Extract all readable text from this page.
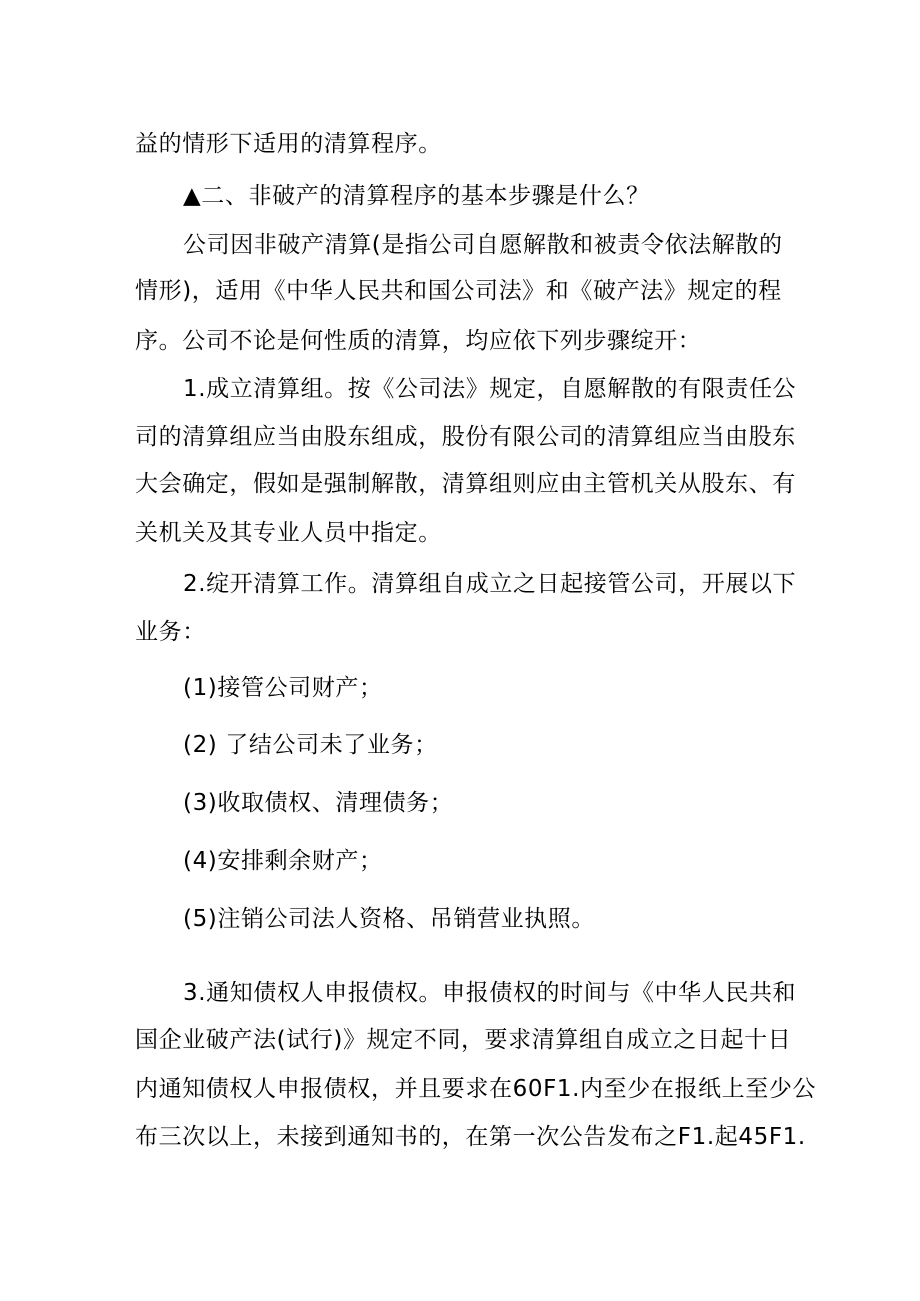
益的情形下适用的清算程序。
▲二、非破产的清算程序的基本步骤是什么？
公司因非破产清算(是指公司自愿解散和被责令依法解散的
情形)，适用《中华人民共和国公司法》和《破产法》规定的程
序。公司不论是何性质的清算，均应依下列步骤绽开：
1.成立清算组。按《公司法》规定，自愿解散的有限责任公
司的清算组应当由股东组成，股份有限公司的清算组应当由股东
大会确定，假如是强制解散，清算组则应由主管机关从股东、有
关机关及其专业人员中指定。
2.绽开清算工作。清算组自成立之日起接管公司，开展以下
业务：
(1)接管公司财产；
(2) 了结公司未了业务；
(3)收取债权、清理债务；
(4)安排剩余财产；
(5)注销公司法人资格、吊销营业执照。
3.通知债权人申报债权。申报债权的时间与《中华人民共和
国企业破产法(试行)》规定不同，要求清算组自成立之日起十日
内通知债权人申报债权，并且要求在60F1.内至少在报纸上至少公
布三次以上，未接到通知书的，在第一次公告发布之F1.起45F1.
